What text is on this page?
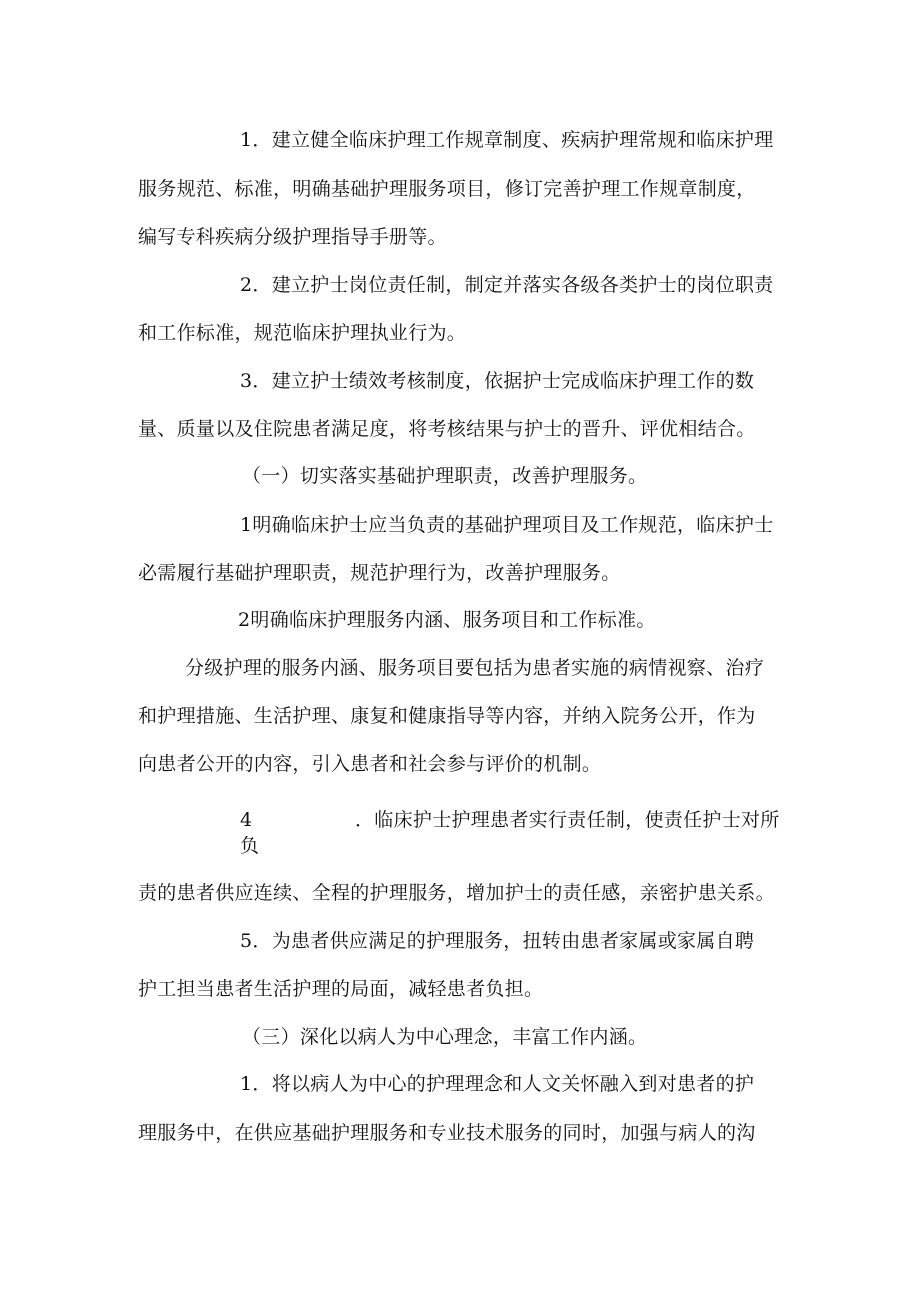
1．建立健全临床护理工作规章制度、疾病护理常规和临床护理
服务规范、标准，明确基础护理服务项目，修订完善护理工作规章制度，
编写专科疾病分级护理指导手册等。
2．建立护士岗位责任制，制定并落实各级各类护士的岗位职责
和工作标准，规范临床护理执业行为。
3．建立护士绩效考核制度，依据护士完成临床护理工作的数
量、质量以及住院患者满足度，将考核结果与护士的晋升、评优相结合。
（一）切实落实基础护理职责，改善护理服务。
1明确临床护士应当负责的基础护理项目及工作规范，临床护士
必需履行基础护理职责，规范护理行为，改善护理服务。
2明确临床护理服务内涵、服务项目和工作标准。
分级护理的服务内涵、服务项目要包括为患者实施的病情视察、治疗
和护理措施、生活护理、康复和健康指导等内容，并纳入院务公开，作为
向患者公开的内容，引入患者和社会参与评价的机制。
4	．临床护士护理患者实行责任制，使责任护士对所
负
责的患者供应连续、全程的护理服务，增加护士的责任感，亲密护患关系。
5．为患者供应满足的护理服务，扭转由患者家属或家属自聘
护工担当患者生活护理的局面，减轻患者负担。
（三）深化以病人为中心理念，丰富工作内涵。
1．将以病人为中心的护理理念和人文关怀融入到对患者的护
理服务中，在供应基础护理服务和专业技术服务的同时，加强与病人的沟
